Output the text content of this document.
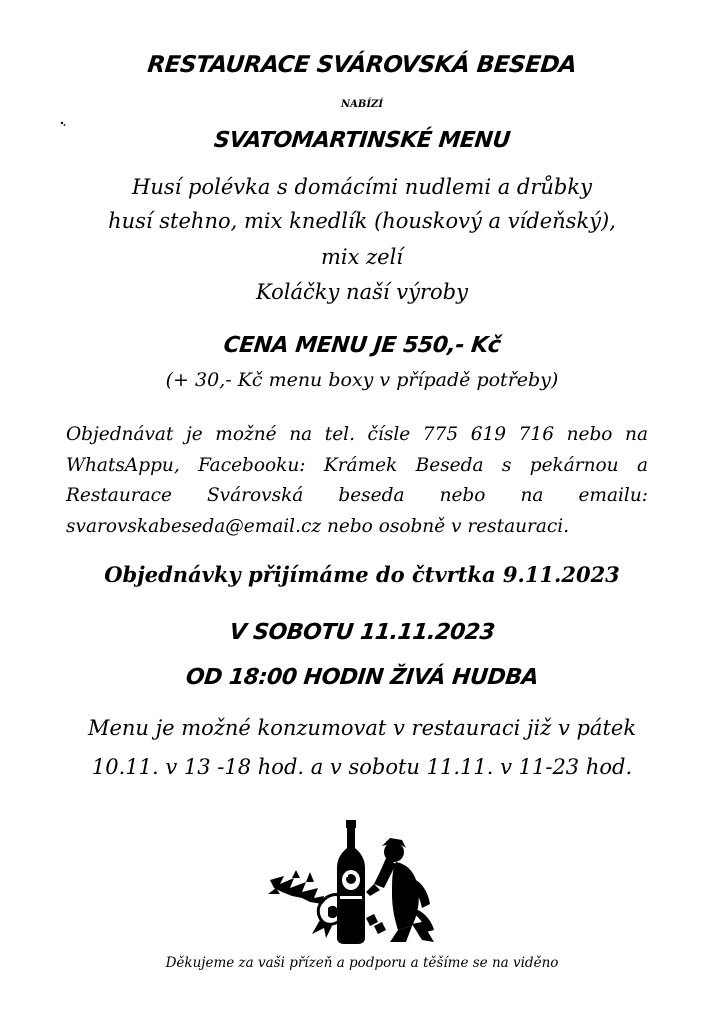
RESTAURACE SVÁROVSKÁ BESEDA
NABÍZÍ
SVATOMARTINSKÉ MENU
Husí polévka s domácími nudlemi a drůbky
husí stehno, mix knedlík (houskový a vídeňský),
mix zelí
Koláčky naší výroby
CENA MENU JE 550,- Kč
(+ 30,- Kč menu boxy v případě potřeby)
Objednávat je možné na tel. čísle 775 619 716 nebo na WhatsAppu, Facebooku: Krámek Beseda s pekárnou a Restaurace Svárovská beseda nebo na emailu: svarovskabeseda@email.cz nebo osobně v restauraci.
Objednávky přijímáme do čtvrtka 9.11.2023
V SOBOTU 11.11.2023
OD 18:00 HODIN ŽIVÁ HUDBA
Menu je možné konzumovat v restauraci již v pátek
10.11. v 13 -18 hod. a v sobotu 11.11. v 11-23 hod.
Děkujeme za vaši přízeň a podporu a těšíme se na viděno
